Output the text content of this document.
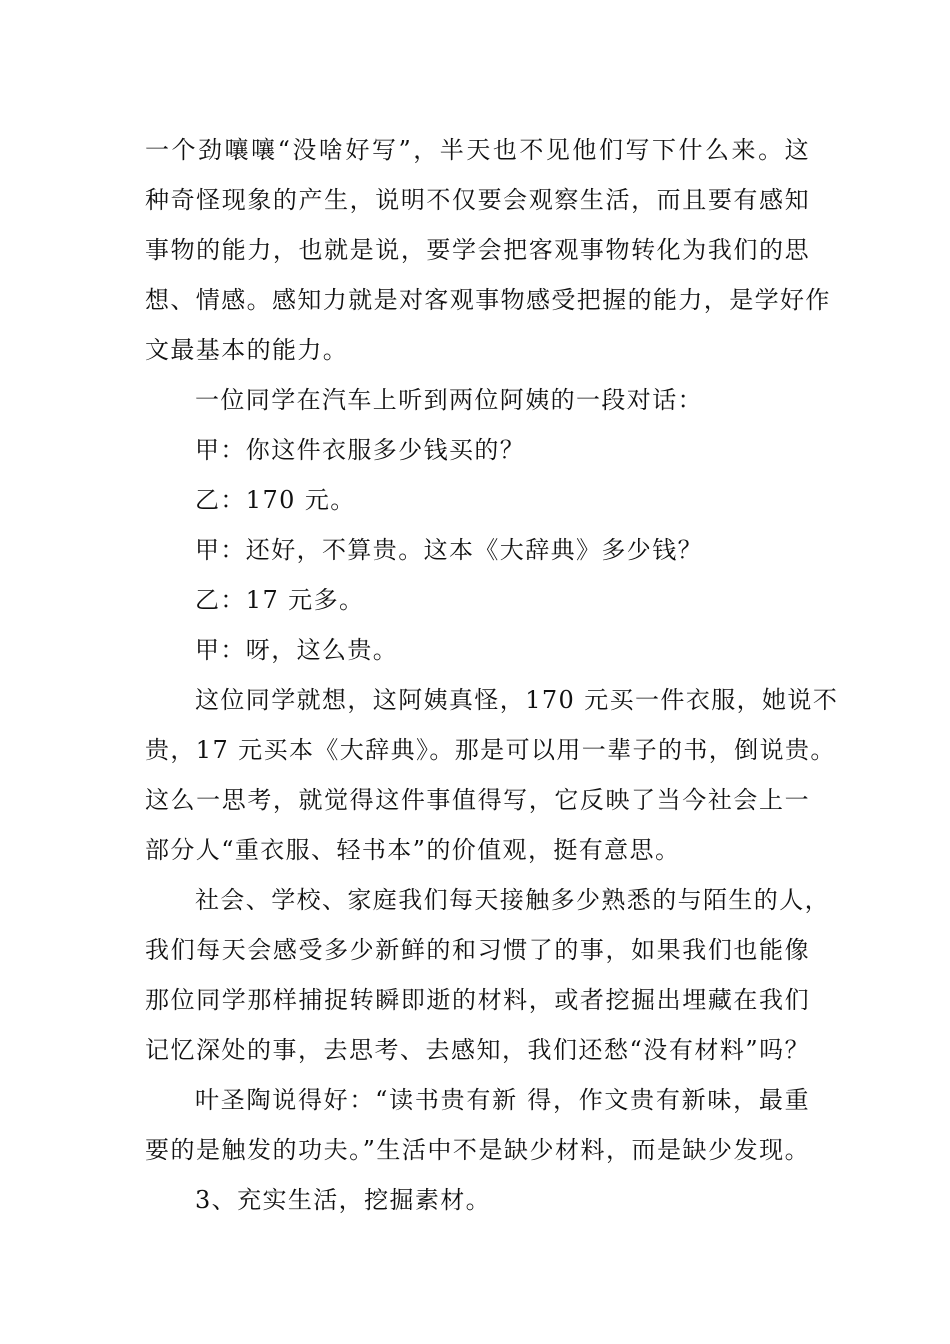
一个劲嚷嚷“没啥好写”，半天也不见他们写下什么来。这
种奇怪现象的产生，说明不仅要会观察生活，而且要有感知
事物的能力，也就是说，要学会把客观事物转化为我们的思
想、情感。感知力就是对客观事物感受把握的能力，是学好作
文最基本的能力。
一位同学在汽车上听到两位阿姨的一段对话：
甲：你这件衣服多少钱买的？
乙：170 元。
甲：还好，不算贵。这本《大辞典》多少钱？
乙：17 元多。
甲：呀，这么贵。
这位同学就想，这阿姨真怪，170 元买一件衣服，她说不
贵，17 元买本《大辞典》。那是可以用一辈子的书，倒说贵。
这么一思考，就觉得这件事值得写，它反映了当今社会上一
部分人“重衣服、轻书本”的价值观，挺有意思。
社会、学校、家庭我们每天接触多少熟悉的与陌生的人，
我们每天会感受多少新鲜的和习惯了的事，如果我们也能像
那位同学那样捕捉转瞬即逝的材料，或者挖掘出埋藏在我们
记忆深处的事，去思考、去感知，我们还愁“没有材料”吗？
叶圣陶说得好：“读书贵有新 得，作文贵有新味，最重
要的是触发的功夫。”生活中不是缺少材料，而是缺少发现。
3、充实生活，挖掘素材。
